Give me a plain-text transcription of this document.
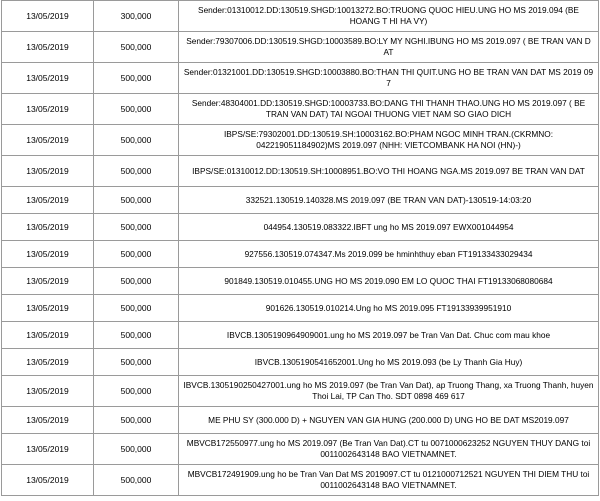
13/05/2019	300,000	Sender:01310012.DD:130519.SHGD:10013272.BO:TRUONG QUOC HIEU.UNG HO MS 2019.094 (BE HOANG T HI HA VY)
13/05/2019	500,000	Sender:79307006.DD:130519.SHGD:10003589.BO:LY MY NGHI.IBUNG HO MS 2019.097 ( BE TRAN VAN D AT
13/05/2019	500,000	Sender:01321001.DD:130519.SHGD:10003880.BO:THAN THI QUIT.UNG HO BE TRAN VAN DAT MS 2019 09 7
13/05/2019	500,000	Sender:48304001.DD:130519.SHGD:10003733.BO:DANG THI THANH THAO.UNG HO MS 2019.097 ( BE TRAN VAN DAT) TAI NGOAI THUONG VIET NAM SO GIAO DICH
13/05/2019	500,000	IBPS/SE:79302001.DD:130519.SH:10003162.BO:PHAM NGOC MINH TRAN.(CKRMNO: 042219051184902)MS 2019.097 (NHH: VIETCOMBANK HA NOI (HN)-)
13/05/2019	500,000	IBPS/SE:01310012.DD:130519.SH:10008951.BO:VO THI HOANG NGA.MS 2019.097 BE TRAN VAN DAT
13/05/2019	500,000	332521.130519.140328.MS 2019.097 (BE TRAN VAN DAT)-130519-14:03:20
13/05/2019	500,000	044954.130519.083322.IBFT ung ho MS 2019.097 EWX001044954
13/05/2019	500,000	927556.130519.074347.Ms 2019.099 be hminhthuy eban FT19133433029434
13/05/2019	500,000	901849.130519.010455.UNG HO MS 2019.090 EM LO QUOC THAI FT19133068080684
13/05/2019	500,000	901626.130519.010214.Ung ho MS 2019.095 FT19133939951910
13/05/2019	500,000	IBVCB.1305190964909001.ung ho MS 2019.097 be Tran Van Dat. Chuc com mau khoe
13/05/2019	500,000	IBVCB.1305190541652001.Ung ho MS 2019.093 (be Ly Thanh Gia Huy)
13/05/2019	500,000	IBVCB.1305190250427001.ung ho MS 2019.097 (be Tran Van Dat), ap Truong Thang, xa Truong Thanh, huyen Thoi Lai, TP Can Tho. SDT 0898 469 617
13/05/2019	500,000	ME PHU SY (300.000 D) + NGUYEN VAN GIA HUNG (200.000 D) UNG HO BE DAT MS2019.097
13/05/2019	500,000	MBVCB172550977.ung ho MS 2019.097 (Be Tran Van Dat).CT tu 0071000623252 NGUYEN THUY DANG toi 0011002643148 BAO VIETNAMNET.
13/05/2019	500,000	MBVCB172491909.ung ho be Tran Van Dat MS 2019097.CT tu 0121000712521 NGUYEN THI DIEM THU toi 0011002643148 BAO VIETNAMNET.
